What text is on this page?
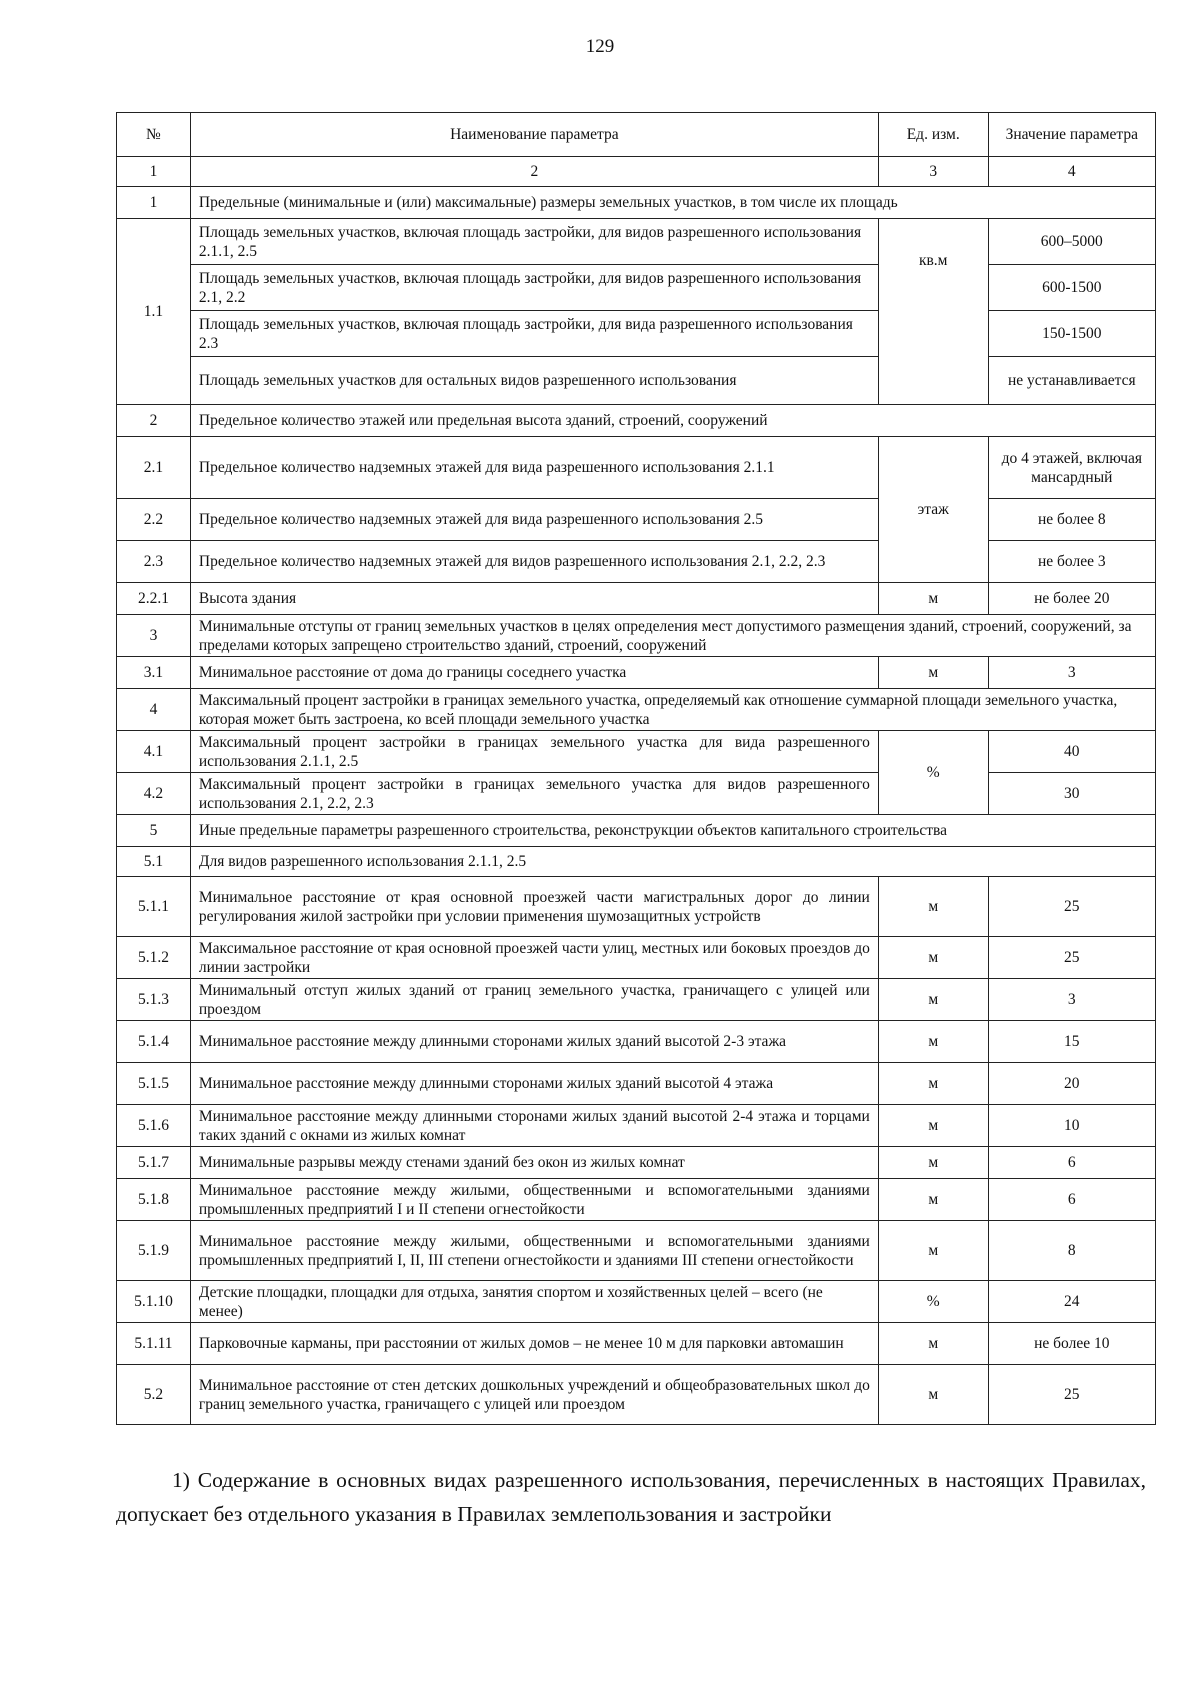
129
№	Наименование параметра	Ед. изм.	Значение параметра
1	2	3	4
1	Предельные (минимальные и (или) максимальные) размеры земельных участков, в том числе их площадь		
1.1	Площадь земельных участков, включая площадь застройки, для видов разрешенного использования 2.1.1, 2.5	кв.м	600–5000
	Площадь земельных участков, включая площадь застройки, для видов разрешенного использования 2.1, 2.2		600-1500
	Площадь земельных участков, включая площадь застройки, для вида разрешенного использования 2.3		150-1500
	Площадь земельных участков для остальных видов разрешенного использования		не устанавливается
2	Предельное количество этажей или предельная высота зданий, строений, сооружений		
2.1	Предельное количество надземных этажей для вида разрешенного использования 2.1.1	этаж	до 4 этажей, включая мансардный
2.2	Предельное количество надземных этажей для вида разрешенного использования 2.5		не более 8
2.3	Предельное количество надземных этажей для видов разрешенного использования 2.1, 2.2, 2.3		не более 3
2.2.1	Высота здания	м	не более 20
3	Минимальные отступы от границ земельных участков в целях определения мест допустимого размещения зданий, строений, сооружений, за пределами которых запрещено строительство зданий, строений, сооружений		
3.1	Минимальное расстояние от дома до границы соседнего участка	м	3
4	Максимальный процент застройки в границах земельного участка, определяемый как отношение суммарной площади земельного участка, которая может быть застроена, ко всей площади земельного участка		
4.1	Максимальный процент застройки в границах земельного участка для вида разрешенного использования 2.1.1, 2.5	%	40
4.2	Максимальный процент застройки в границах земельного участка для видов разрешенного использования 2.1, 2.2, 2.3		30
5	Иные предельные параметры разрешенного строительства, реконструкции объектов капитального строительства		
5.1	Для видов разрешенного использования 2.1.1, 2.5		
5.1.1	Минимальное расстояние от края основной проезжей части магистральных дорог до линии регулирования жилой застройки при условии применения шумозащитных устройств	м	25
5.1.2	Максимальное расстояние от края основной проезжей части улиц, местных или боковых проездов до линии застройки	м	25
5.1.3	Минимальный отступ жилых зданий от границ земельного участка, граничащего с улицей или проездом	м	3
5.1.4	Минимальное расстояние между длинными сторонами жилых зданий высотой 2-3 этажа	м	15
5.1.5	Минимальное расстояние между длинными сторонами жилых зданий высотой 4 этажа	м	20
5.1.6	Минимальное расстояние между длинными сторонами жилых зданий высотой 2-4 этажа и торцами таких зданий с окнами из жилых комнат	м	10
5.1.7	Минимальные разрывы между стенами зданий без окон из жилых комнат	м	6
5.1.8	Минимальное расстояние между жилыми, общественными и вспомогательными зданиями промышленных предприятий I и II степени огнестойкости	м	6
5.1.9	Минимальное расстояние между жилыми, общественными и вспомогательными зданиями промышленных предприятий I, II, III степени огнестойкости и зданиями III степени огнестойкости	м	8
5.1.10	Детские площадки, площадки для отдыха, занятия спортом и хозяйственных целей – всего (не менее)	%	24
5.1.11	Парковочные карманы, при расстоянии от жилых домов – не менее 10 м для парковки автомашин	м	не более 10
5.2	Минимальное расстояние от стен детских дошкольных учреждений и общеобразовательных школ до границ земельного участка, граничащего с улицей или проездом	м	25

1) Содержание в основных видах разрешенного использования, перечисленных в настоящих Правилах, допускает без отдельного указания в Правилах землепользования и застройки
